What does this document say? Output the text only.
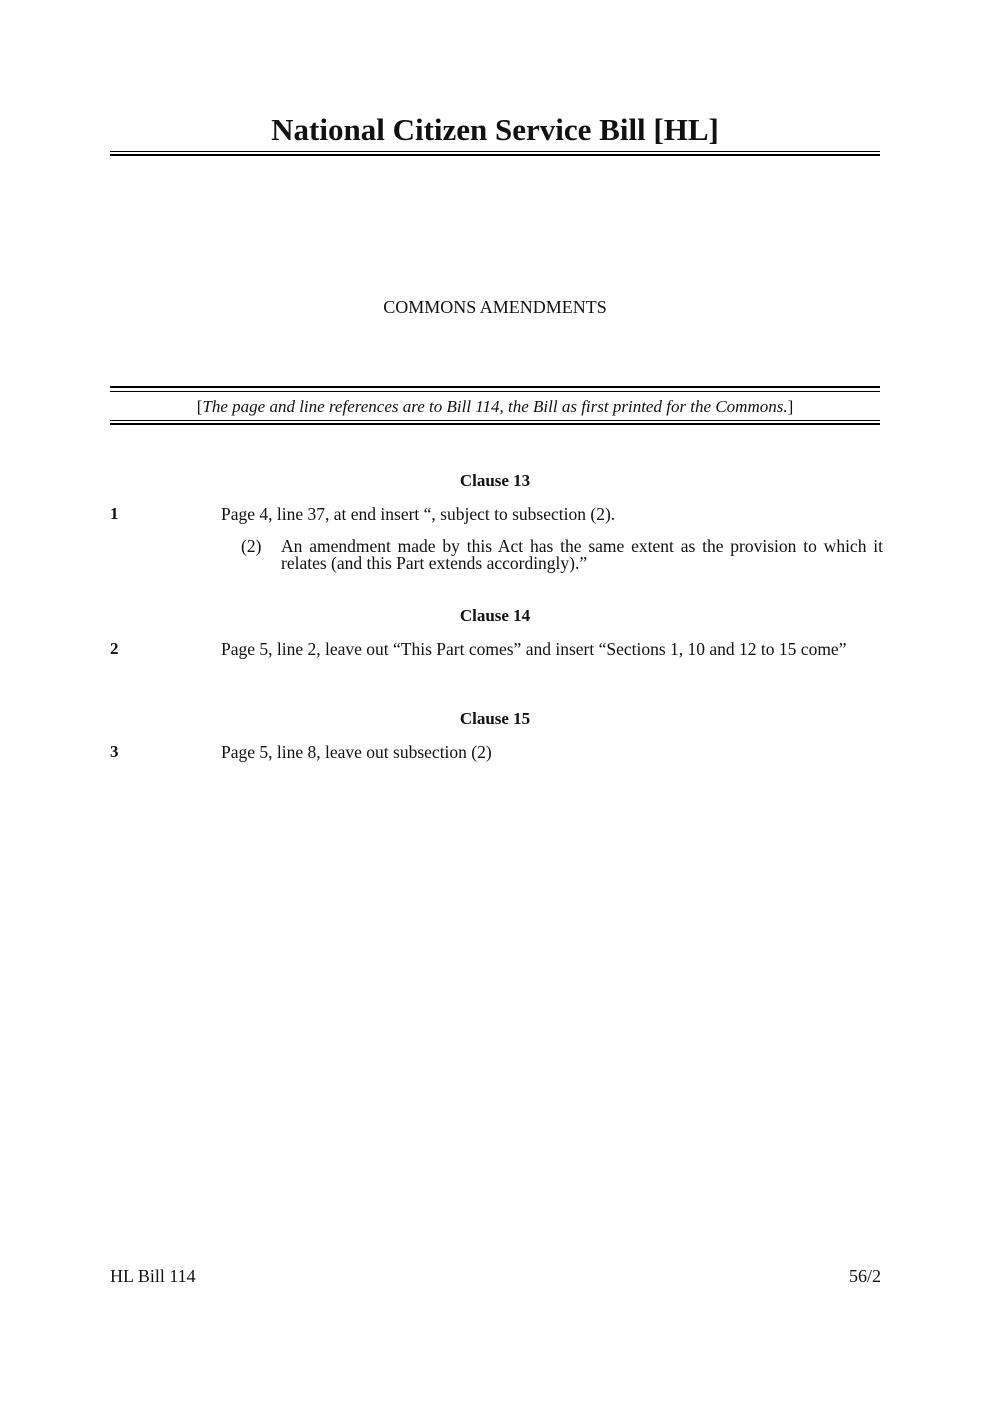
National Citizen Service Bill [HL]
COMMONS AMENDMENTS
[The page and line references are to Bill 114, the Bill as first printed for the Commons.]
Clause 13
1	Page 4, line 37, at end insert “, subject to subsection (2).
(2) An amendment made by this Act has the same extent as the provision to which it relates (and this Part extends accordingly).”
Clause 14
2	Page 5, line 2, leave out “This Part comes” and insert “Sections 1, 10 and 12 to 15 come”
Clause 15
3	Page 5, line 8, leave out subsection (2)
HL Bill 114	56/2
